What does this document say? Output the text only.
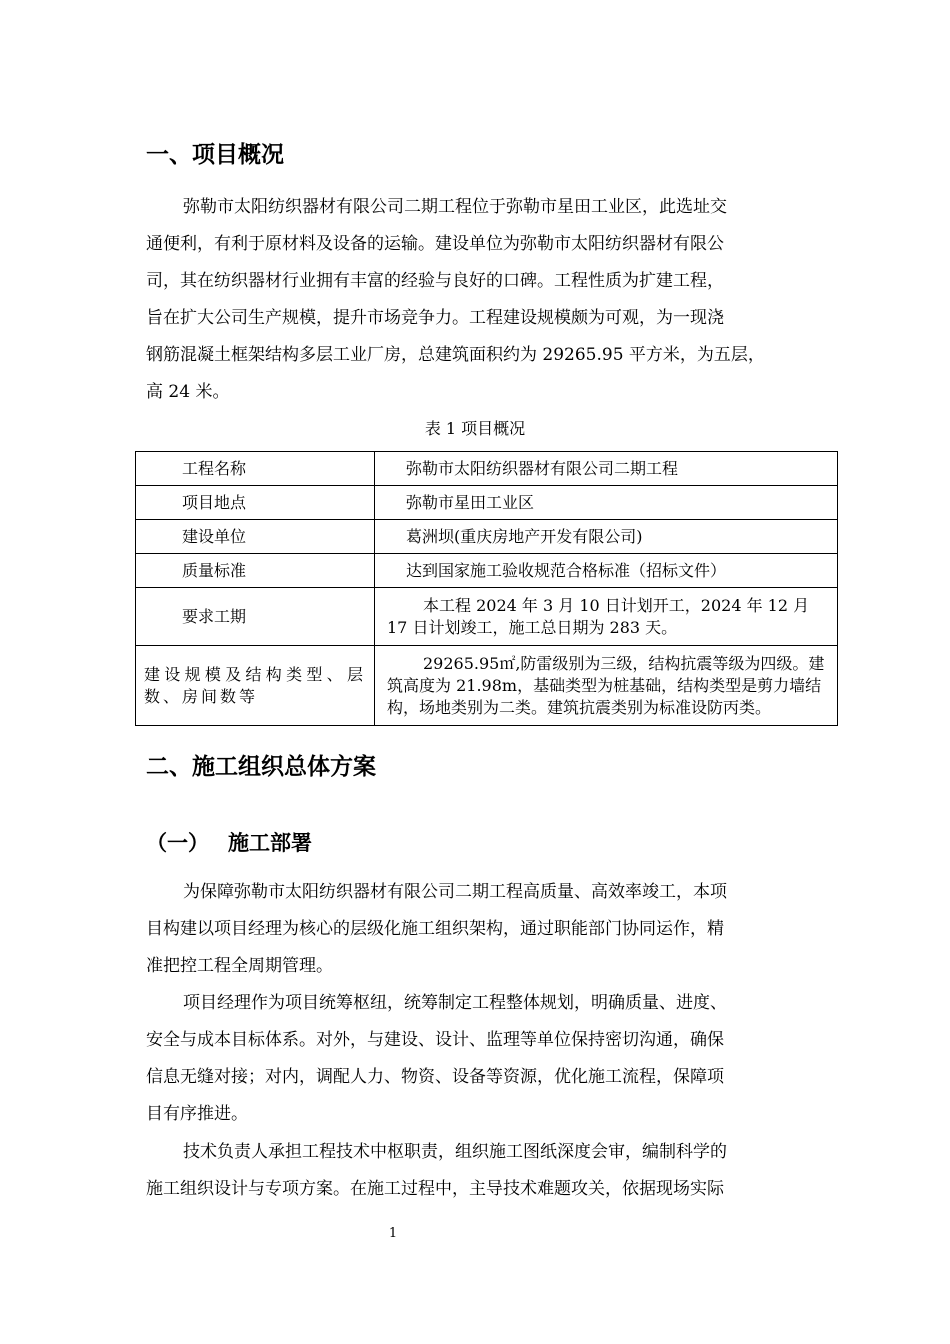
一、项目概况
弥勒市太阳纺织器材有限公司二期工程位于弥勒市星田工业区，此选址交
通便利，有利于原材料及设备的运输。建设单位为弥勒市太阳纺织器材有限公
司，其在纺织器材行业拥有丰富的经验与良好的口碑。工程性质为扩建工程，
旨在扩大公司生产规模，提升市场竞争力。工程建设规模颇为可观，为一现浇
钢筋混凝土框架结构多层工业厂房，总建筑面积约为 29265.95 平方米，为五层，
高 24 米。

表 1 项目概况

工程名称	弥勒市太阳纺织器材有限公司二期工程
项目地点	弥勒市星田工业区
建设单位	葛洲坝(重庆房地产开发有限公司)
质量标准	达到国家施工验收规范合格标准（招标文件）
要求工期	本工程 2024 年 3 月 10 日计划开工，2024 年 12 月 17 日计划竣工，施工总日期为 283 天。

建设规模及结构类型、层数、房间数等	29265.95㎡,防雷级别为三级，结构抗震等级为四级。建筑高度为 21.98m，基础类型为桩基础，结构类型是剪力墙结构，场地类别为二类。建筑抗震类别为标准设防丙类。

二、施工组织总体方案
（一） 施工部署
为保障弥勒市太阳纺织器材有限公司二期工程高质量、高效率竣工，本项
目构建以项目经理为核心的层级化施工组织架构，通过职能部门协同运作，精
准把控工程全周期管理。
项目经理作为项目统筹枢纽，统筹制定工程整体规划，明确质量、进度、
安全与成本目标体系。对外，与建设、设计、监理等单位保持密切沟通，确保
信息无缝对接；对内，调配人力、物资、设备等资源，优化施工流程，保障项
目有序推进。
技术负责人承担工程技术中枢职责，组织施工图纸深度会审，编制科学的
施工组织设计与专项方案。在施工过程中，主导技术难题攻关，依据现场实际

1
